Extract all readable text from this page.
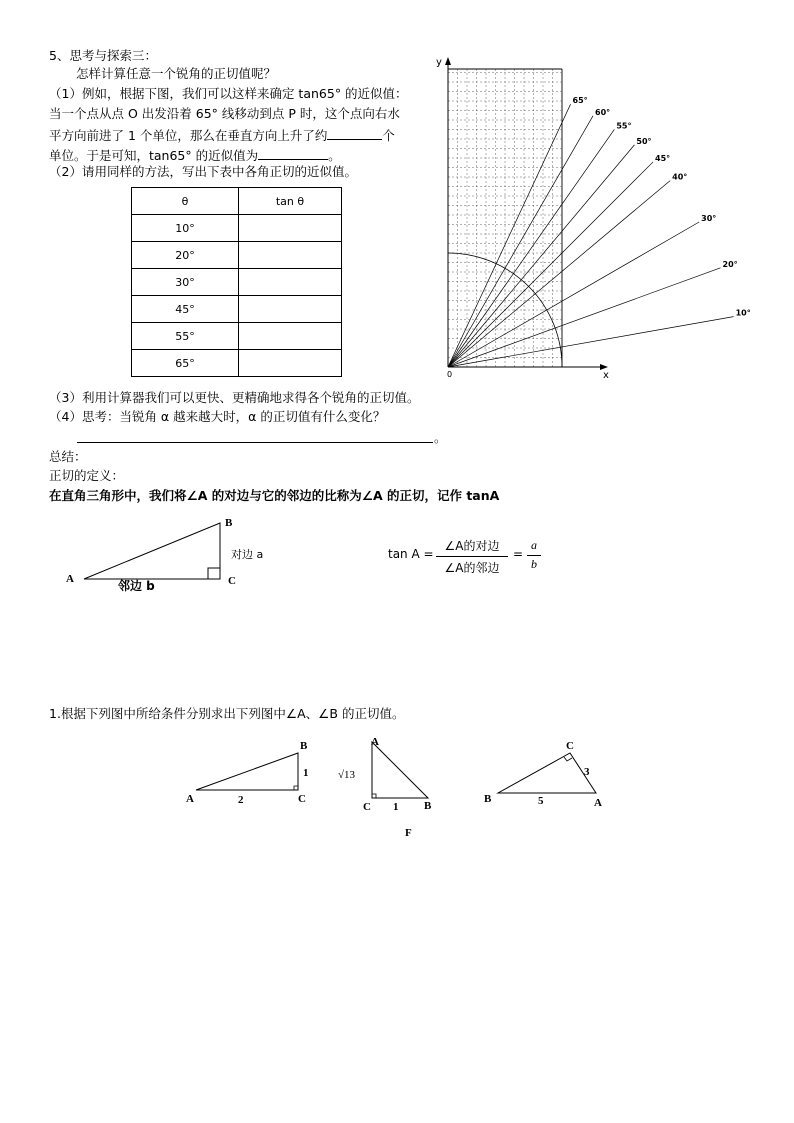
5、思考与探索三：
怎样计算任意一个锐角的正切值呢？
（1）例如，根据下图，我们可以这样来确定 tan65° 的近似值：
当一个点从点 O 出发沿着 65° 线移动到点 P 时，这个点向右水
平方向前进了 1 个单位，那么在垂直方向上升了约	个
单位。于是可知，tan65° 的近似值为	。
（2）请用同样的方法，写出下表中各角正切的近似值。
θ	tan θ
10°	
20°	
30°	
45°	
55°	
65°	
10°
20°
30°
40°
45°
50°
55°
60°
65°
y
x
0
（3）利用计算器我们可以更快、更精确地求得各个锐角的正切值。
（4）思考：当锐角 α 越来越大时，α 的正切值有什么变化？
。
总结：
正切的定义：
在直角三角形中，我们将∠A 的对边与它的邻边的比称为∠A 的正切，记作 tanA
A
B
C
对边 a
邻边 b
tan A =
∠A的对边
∠A的邻边
=
a
b
1.根据下列图中所给条件分别求出下列图中∠A、∠B 的正切值。
A
B
C
2
1
A
C	B
√13
1
F
B	A
C
5
3
